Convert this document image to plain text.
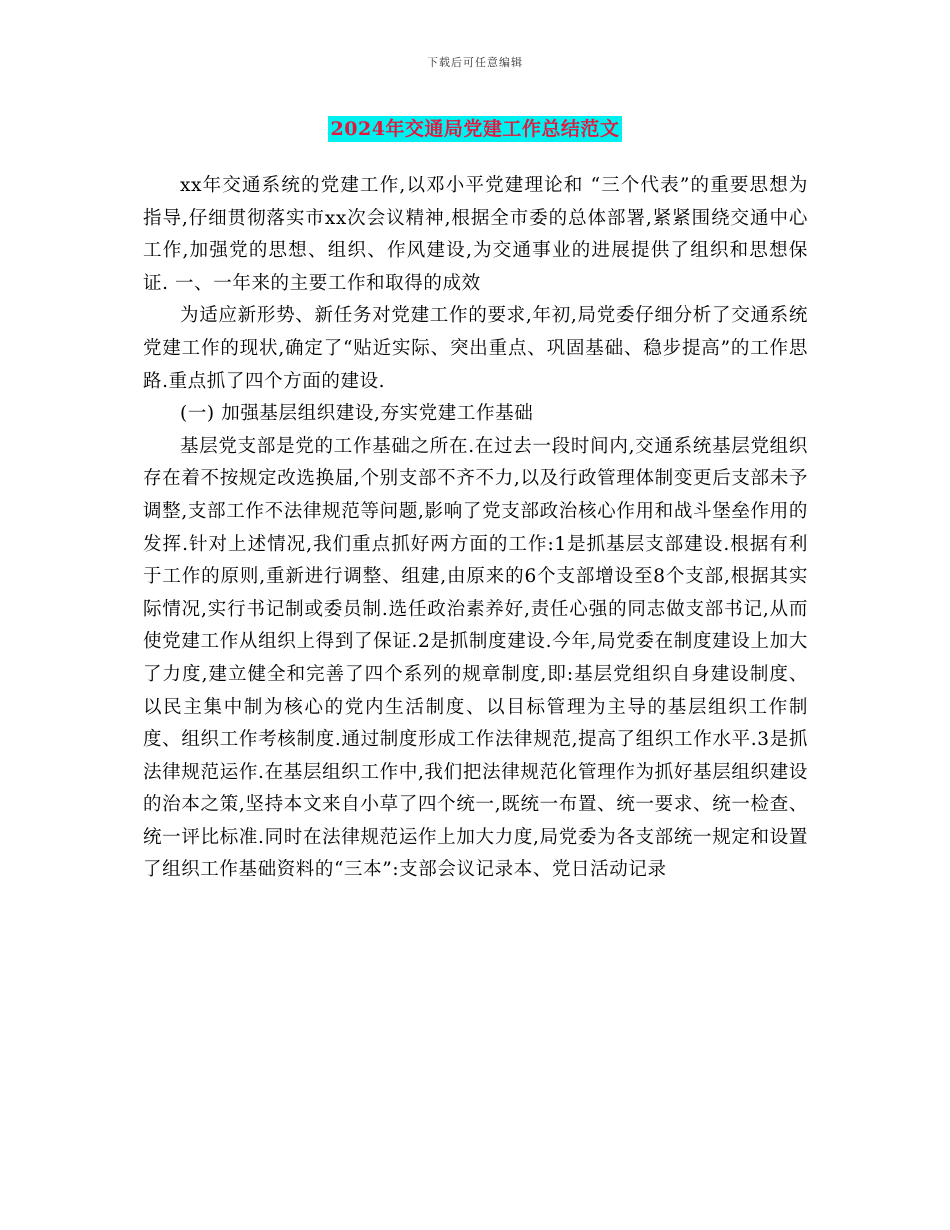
下载后可任意编辑
2024年交通局党建工作总结范文

xx年交通系统的党建工作,以邓小平党建理论和 “三个代表”的重要思想为指导,仔细贯彻落实市xx次会议精神,根据全市委的总体部署,紧紧围绕交通中心工作,加强党的思想、组织、作风建设,为交通事业的进展提供了组织和思想保证. 一、一年来的主要工作和取得的成效

为适应新形势、新任务对党建工作的要求,年初,局党委仔细分析了交通系统党建工作的现状,确定了“贴近实际、突出重点、巩固基础、稳步提高”的工作思路.重点抓了四个方面的建设.

(一) 加强基层组织建设,夯实党建工作基础

基层党支部是党的工作基础之所在.在过去一段时间内,交通系统基层党组织存在着不按规定改选换届,个别支部不齐不力,以及行政管理体制变更后支部未予调整,支部工作不法律规范等问题,影响了党支部政治核心作用和战斗堡垒作用的发挥.针对上述情况,我们重点抓好两方面的工作:1是抓基层支部建设.根据有利于工作的原则,重新进行调整、组建,由原来的6个支部增设至8个支部,根据其实际情况,实行书记制或委员制.选任政治素养好,责任心强的同志做支部书记,从而使党建工作从组织上得到了保证.2是抓制度建设.今年,局党委在制度建设上加大了力度,建立健全和完善了四个系列的规章制度,即:基层党组织自身建设制度、以民主集中制为核心的党内生活制度、以目标管理为主导的基层组织工作制度、组织工作考核制度.通过制度形成工作法律规范,提高了组织工作水平.3是抓法律规范运作.在基层组织工作中,我们把法律规范化管理作为抓好基层组织建设的治本之策,坚持本文来自小草了四个统一,既统一布置、统一要求、统一检查、统一评比标准.同时在法律规范运作上加大力度,局党委为各支部统一规定和设置了组织工作基础资料的“三本”:支部会议记录本、党日活动记录
